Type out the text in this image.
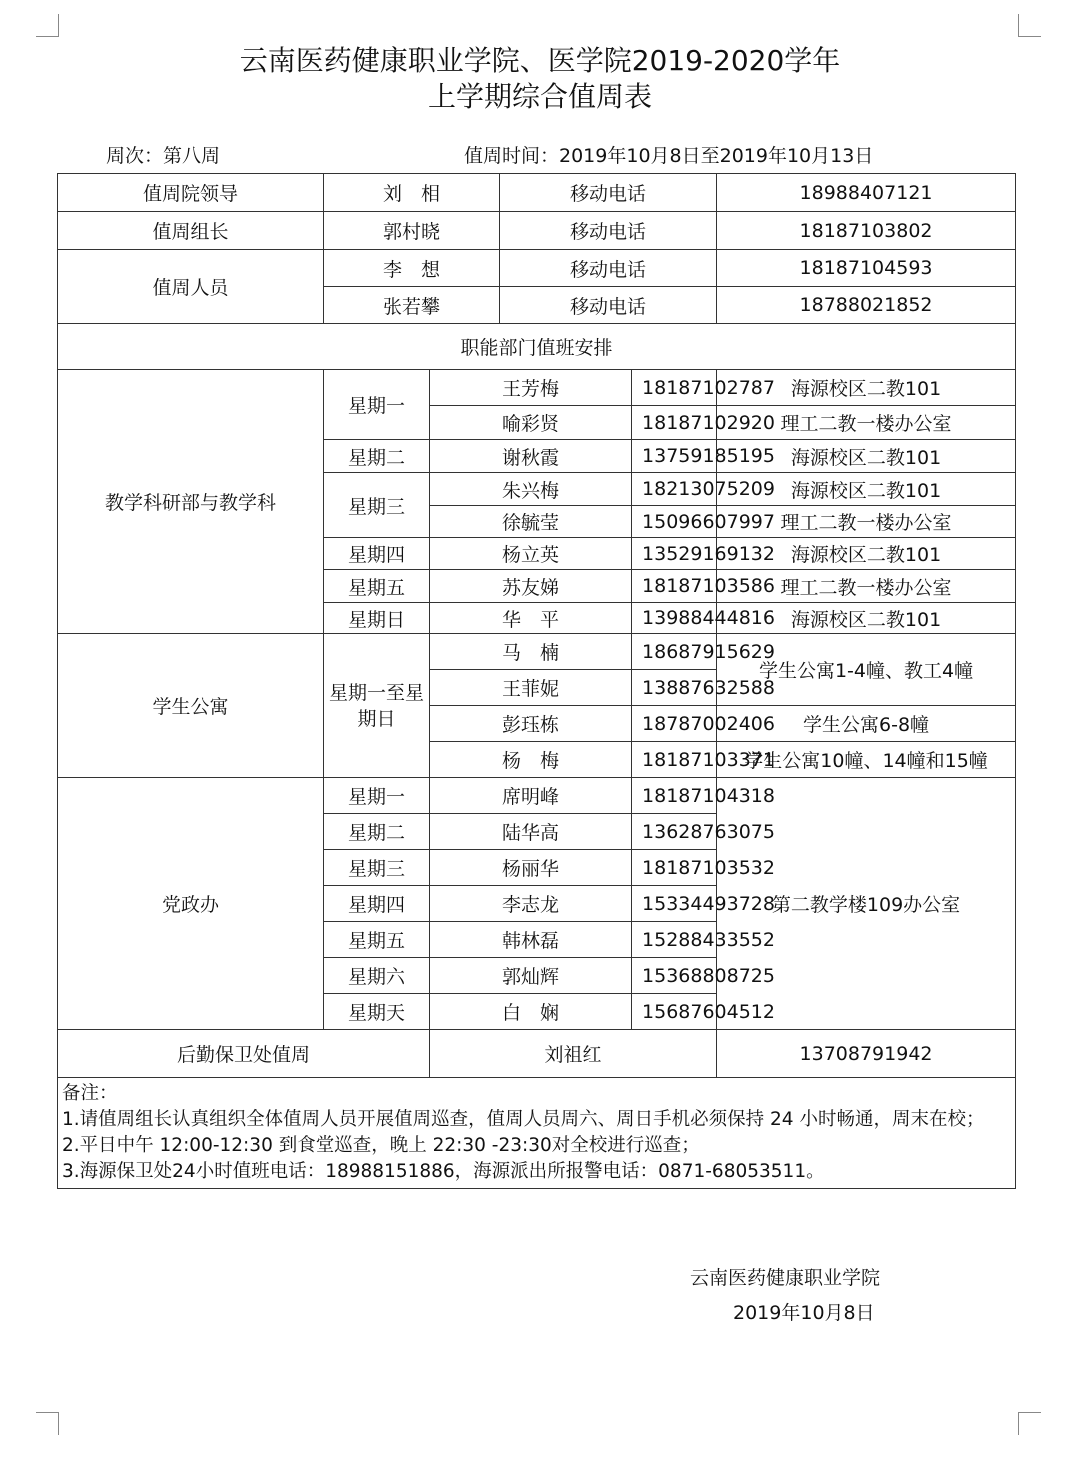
云南医药健康职业学院、医学院2019-2020学年
上学期综合值周表
周次：第八周	值周时间：2019年10月8日至2019年10月13日
值周院领导	刘　相		移动电话		18988407121
值周组长	郭村晓		移动电话		18187103802
值周人员	李　想		移动电话		18187104593
	张若攀		移动电话		18788021852
职能部门值班安排					
教学科研部与教学科	星期一	王芳梅		18187102787	海源校区二教101
		喻彩贤		18187102920	理工二教一楼办公室
	星期二	谢秋霞		13759185195	海源校区二教101
	星期三	朱兴梅		18213075209	海源校区二教101
		徐毓莹		15096607997	理工二教一楼办公室
	星期四	杨立英		13529169132	海源校区二教101
	星期五	苏友娣		18187103586	理工二教一楼办公室
	星期日	华　平		13988444816	海源校区二教101
学生公寓	星期一至星期日	马　楠		18687915629	学生公寓1-4幢、教工4幢
		王菲妮		13887632588	
		彭珏栋		18787002406	学生公寓6-8幢
		杨　梅		18187103371	学生公寓10幢、14幢和15幢
党政办	星期一	席明峰		18187104318	第二教学楼109办公室
	星期二	陆华高		13628763075	
	星期三	杨丽华		18187103532	
	星期四	李志龙		15334493728	
	星期五	韩林磊		15288433552	
	星期六	郭灿辉		15368808725	
	星期天	白　娴		15687604512	
后勤保卫处值周		刘祖红			13708791942

备注：
1.请值周组长认真组织全体值周人员开展值周巡查，值周人员周六、周日手机必须保持 24 小时畅通，周末在校；
2.平日中午 12:00-12:30 到食堂巡查，晚上 22:30 -23:30对全校进行巡查；
3.海源保卫处24小时值班电话：18988151886，海源派出所报警电话：0871-68053511。					
云南医药健康职业学院
2019年10月8日
